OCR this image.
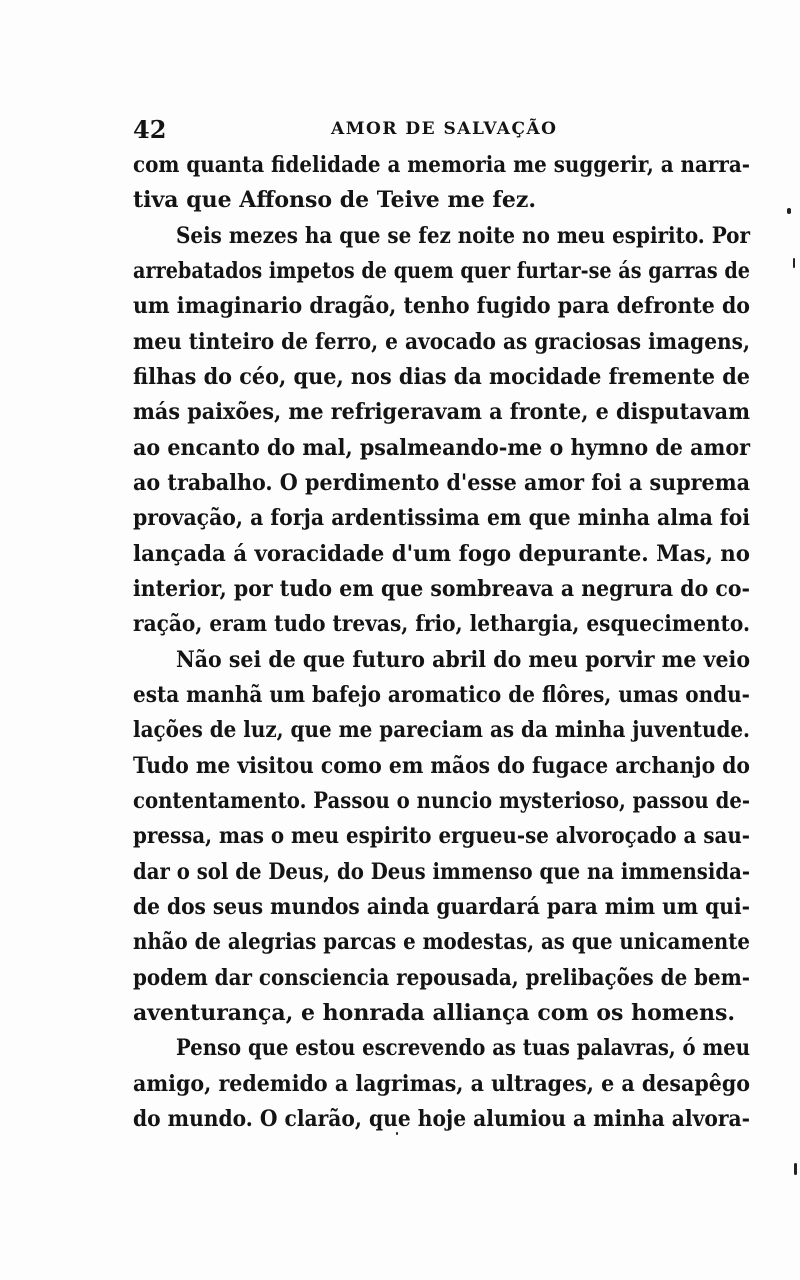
42	AMOR DE SALVAÇÃO
com quanta fidelidade a memoria me suggerir, a narra-
tiva que Affonso de Teive me fez.
Seis mezes ha que se fez noite no meu espirito. Por
arrebatados impetos de quem quer furtar-se ás garras de
um imaginario dragão, tenho fugido para defronte do
meu tinteiro de ferro, e avocado as graciosas imagens,
filhas do céo, que, nos dias da mocidade fremente de
más paixões, me refrigeravam a fronte, e disputavam
ao encanto do mal, psalmeando-me o hymno de amor
ao trabalho. O perdimento d'esse amor foi a suprema
provação, a forja ardentissima em que minha alma foi
lançada á voracidade d'um fogo depurante. Mas, no
interior, por tudo em que sombreava a negrura do co-
ração, eram tudo trevas, frio, lethargia, esquecimento.
Não sei de que futuro abril do meu porvir me veio
esta manhã um bafejo aromatico de flôres, umas ondu-
lações de luz, que me pareciam as da minha juventude.
Tudo me visitou como em mãos do fugace archanjo do
contentamento. Passou o nuncio mysterioso, passou de-
pressa, mas o meu espirito ergueu-se alvoroçado a sau-
dar o sol de Deus, do Deus immenso que na immensida-
de dos seus mundos ainda guardará para mim um qui-
nhão de alegrias parcas e modestas, as que unicamente
podem dar consciencia repousada, prelibações de bem-
aventurança, e honrada alliança com os homens.
Penso que estou escrevendo as tuas palavras, ó meu
amigo, redemido a lagrimas, a ultrages, e a desapêgo
do mundo. O clarão, que hoje alumiou a minha alvora-
